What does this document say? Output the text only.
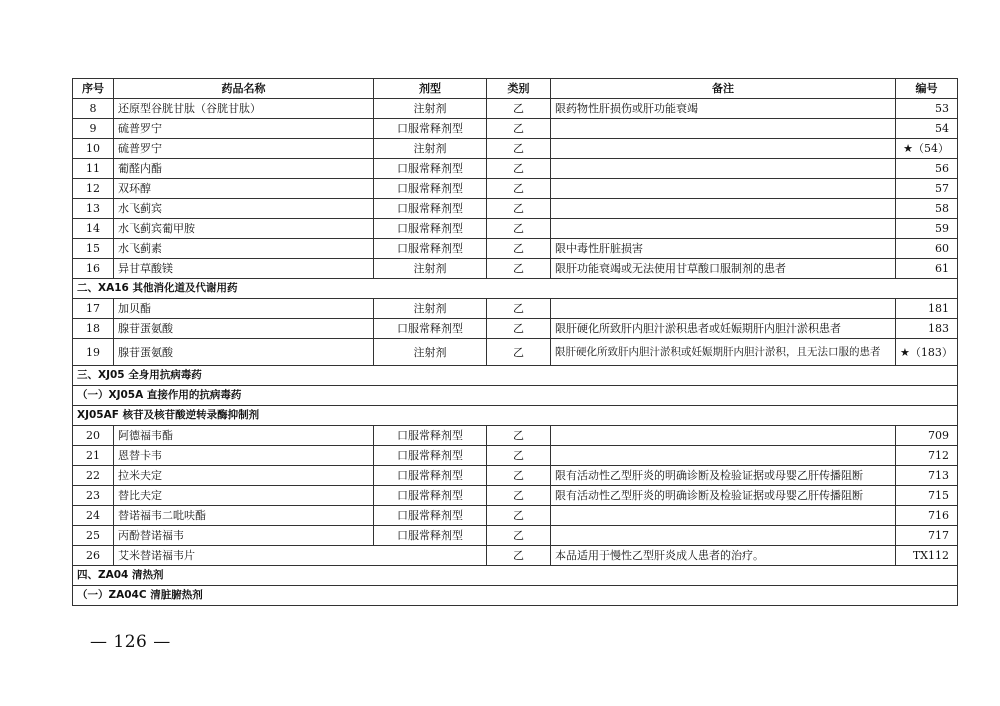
序号	药品名称	剂型	类别	备注	编号
8	还原型谷胱甘肽（谷胱甘肽）	注射剂	乙	限药物性肝损伤或肝功能衰竭	53
9	硫普罗宁	口服常释剂型	乙		54
10	硫普罗宁	注射剂	乙		★（54）
11	葡醛内酯	口服常释剂型	乙		56
12	双环醇	口服常释剂型	乙		57
13	水飞蓟宾	口服常释剂型	乙		58
14	水飞蓟宾葡甲胺	口服常释剂型	乙		59
15	水飞蓟素	口服常释剂型	乙	限中毒性肝脏损害	60
16	异甘草酸镁	注射剂	乙	限肝功能衰竭或无法使用甘草酸口服制剂的患者	61
二、XA16 其他消化道及代谢用药					
17	加贝酯	注射剂	乙		181
18	腺苷蛋氨酸	口服常释剂型	乙	限肝硬化所致肝内胆汁淤积患者或妊娠期肝内胆汁淤积患者	183
19	腺苷蛋氨酸	注射剂	乙	限肝硬化所致肝内胆汁淤积或妊娠期肝内胆汁淤积，且无法口服的患者	★（183）
三、XJ05 全身用抗病毒药					
（一）XJ05A 直接作用的抗病毒药					
XJ05AF 核苷及核苷酸逆转录酶抑制剂					
20	阿德福韦酯	口服常释剂型	乙		709
21	恩替卡韦	口服常释剂型	乙		712
22	拉米夫定	口服常释剂型	乙	限有活动性乙型肝炎的明确诊断及检验证据或母婴乙肝传播阻断	713
23	替比夫定	口服常释剂型	乙	限有活动性乙型肝炎的明确诊断及检验证据或母婴乙肝传播阻断	715
24	替诺福韦二吡呋酯	口服常释剂型	乙		716
25	丙酚替诺福韦	口服常释剂型	乙		717
26	艾米替诺福韦片		乙	本品适用于慢性乙型肝炎成人患者的治疗。	TX112
四、ZA04 清热剂					
（一）ZA04C 清脏腑热剂					
— 126 —
